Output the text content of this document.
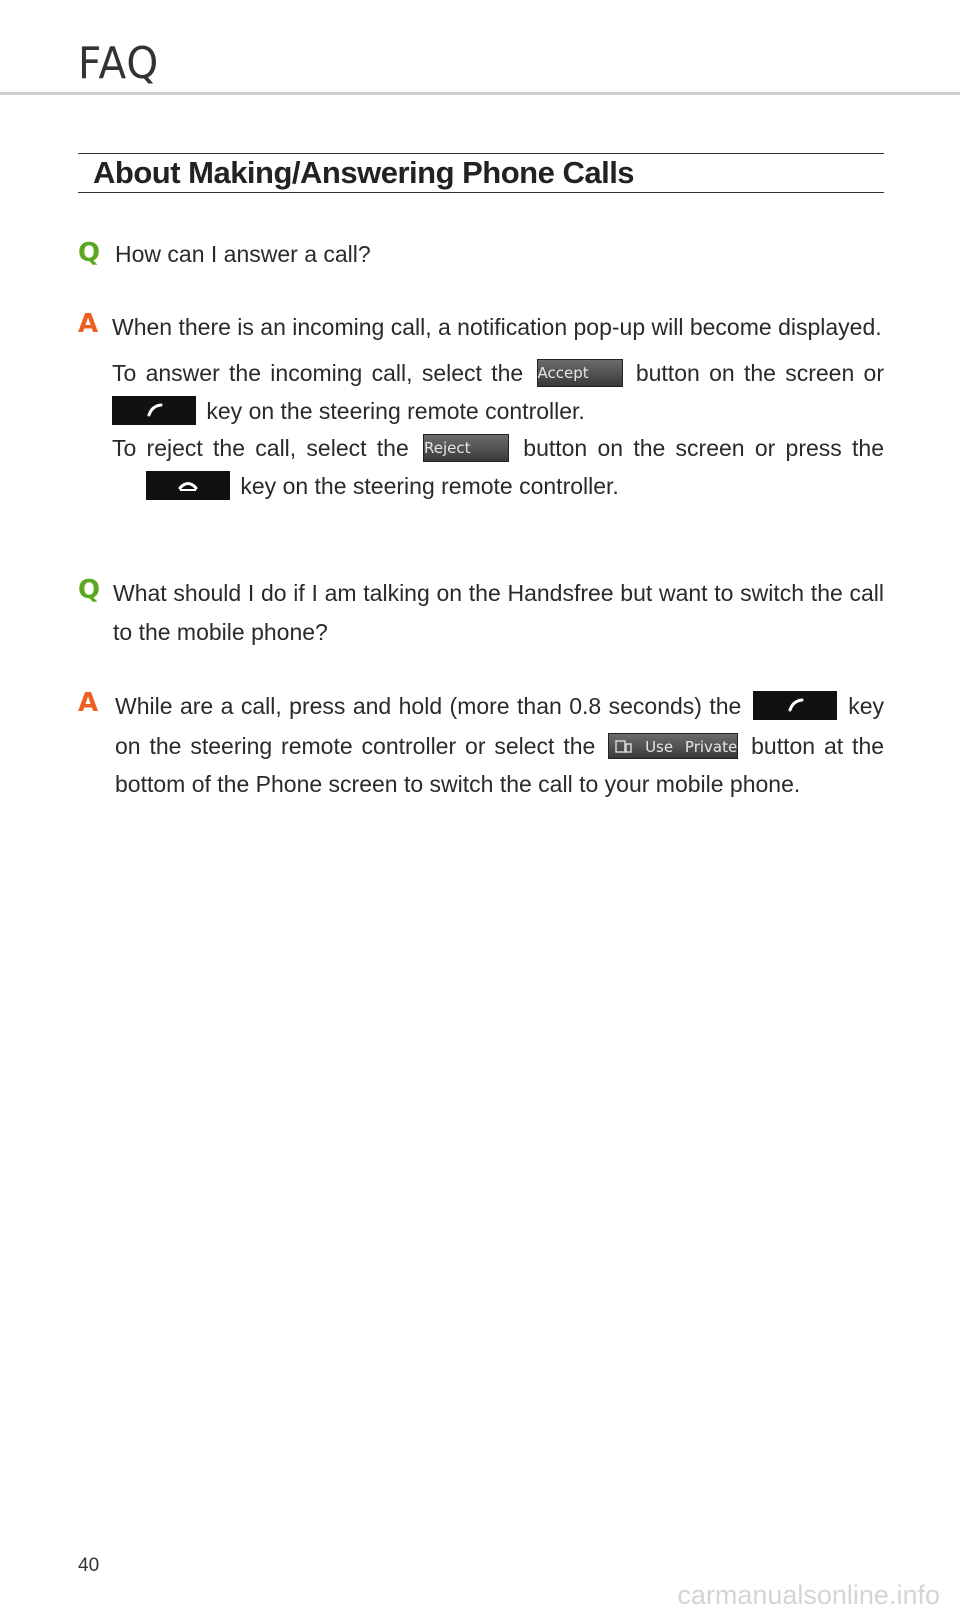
FAQ
About Making/Answering Phone Calls
Q How can I answer a call?
A When there is an incoming call, a notification pop-up will become displayed.
To answer the incoming call, select the Accept button on the screen or
key on the steering remote controller.
To reject the call, select the Reject button on the screen or press the
key on the steering remote controller.
Q What should I do if I am talking on the Handsfree but want to switch the call
to the mobile phone?
A While are a call, press and hold (more than 0.8 seconds) the	key
on the steering remote controller or select the	Use Private button at the
bottom of the Phone screen to switch the call to your mobile phone.
40
carmanualsonline.info
